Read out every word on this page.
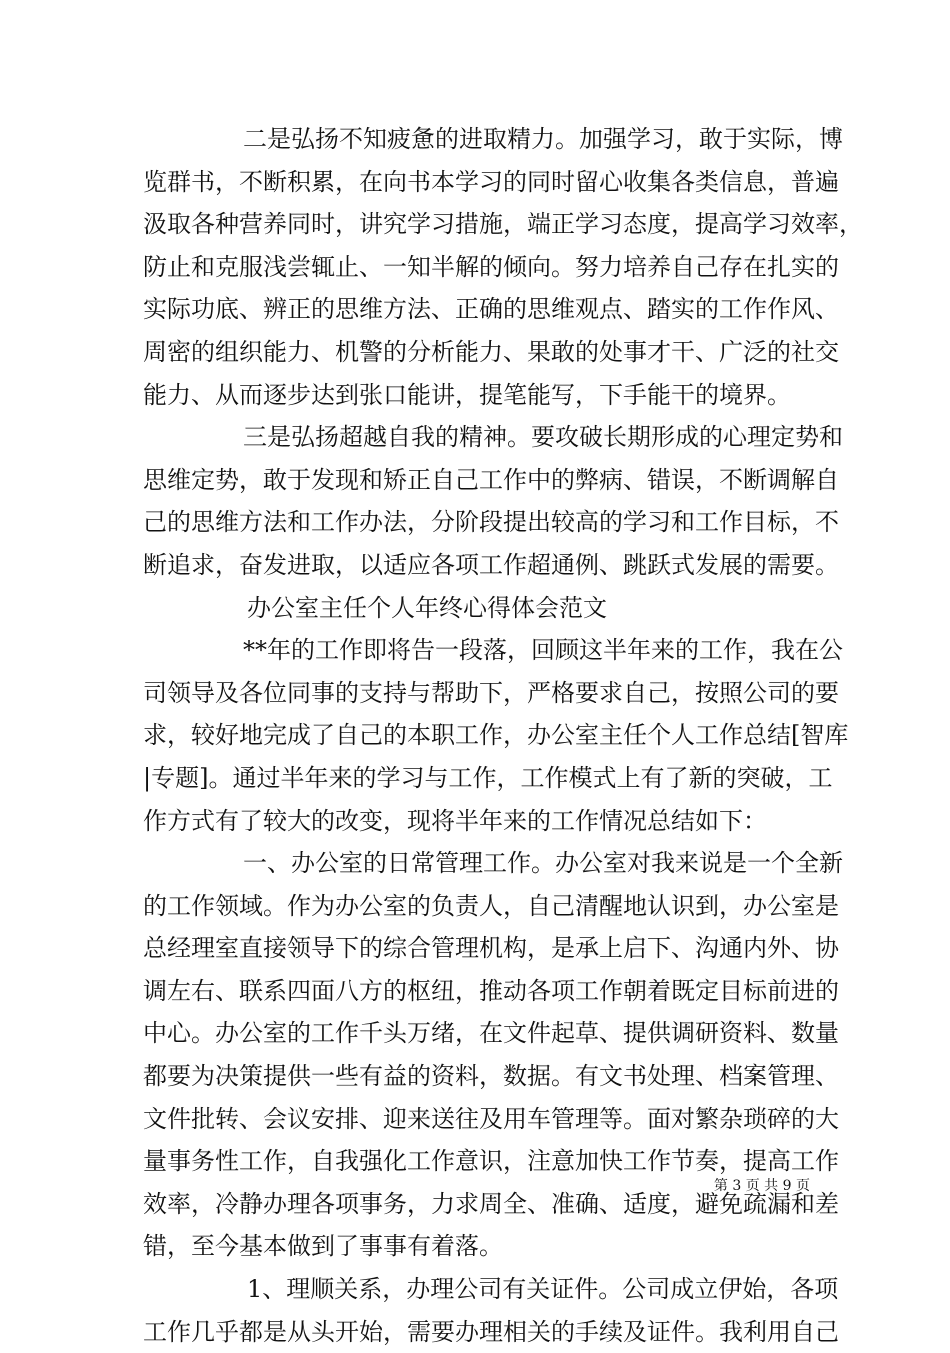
二是弘扬不知疲惫的进取精力。加强学习，敢于实际，博
览群书，不断积累，在向书本学习的同时留心收集各类信息，普遍
汲取各种营养同时，讲究学习措施，端正学习态度，提高学习效率，
防止和克服浅尝辄止、一知半解的倾向。努力培养自己存在扎实的
实际功底、辨正的思维方法、正确的思维观点、踏实的工作作风、
周密的组织能力、机警的分析能力、果敢的处事才干、广泛的社交
能力、从而逐步达到张口能讲，提笔能写，下手能干的境界。
三是弘扬超越自我的精神。要攻破长期形成的心理定势和
思维定势，敢于发现和矫正自己工作中的弊病、错误，不断调解自
己的思维方法和工作办法，分阶段提出较高的学习和工作目标，不
断追求，奋发进取，以适应各项工作超通例、跳跃式发展的需要。
办公室主任个人年终心得体会范文
**年的工作即将告一段落，回顾这半年来的工作，我在公
司领导及各位同事的支持与帮助下，严格要求自己，按照公司的要
求，较好地完成了自己的本职工作，办公室主任个人工作总结[智库
|专题]。通过半年来的学习与工作，工作模式上有了新的突破，工
作方式有了较大的改变，现将半年来的工作情况总结如下：
一、办公室的日常管理工作。办公室对我来说是一个全新
的工作领域。作为办公室的负责人，自己清醒地认识到，办公室是
总经理室直接领导下的综合管理机构，是承上启下、沟通内外、协
调左右、联系四面八方的枢纽，推动各项工作朝着既定目标前进的
中心。办公室的工作千头万绪，在文件起草、提供调研资料、数量
都要为决策提供一些有益的资料，数据。有文书处理、档案管理、
文件批转、会议安排、迎来送往及用车管理等。面对繁杂琐碎的大
量事务性工作，自我强化工作意识，注意加快工作节奏，提高工作
效率，冷静办理各项事务，力求周全、准确、适度，避免疏漏和差
错，至今基本做到了事事有着落。
1、理顺关系，办理公司有关证件。公司成立伊始，各项
工作几乎都是从头开始，需要办理相关的手续及证件。我利用自己
第 3 页 共 9 页
